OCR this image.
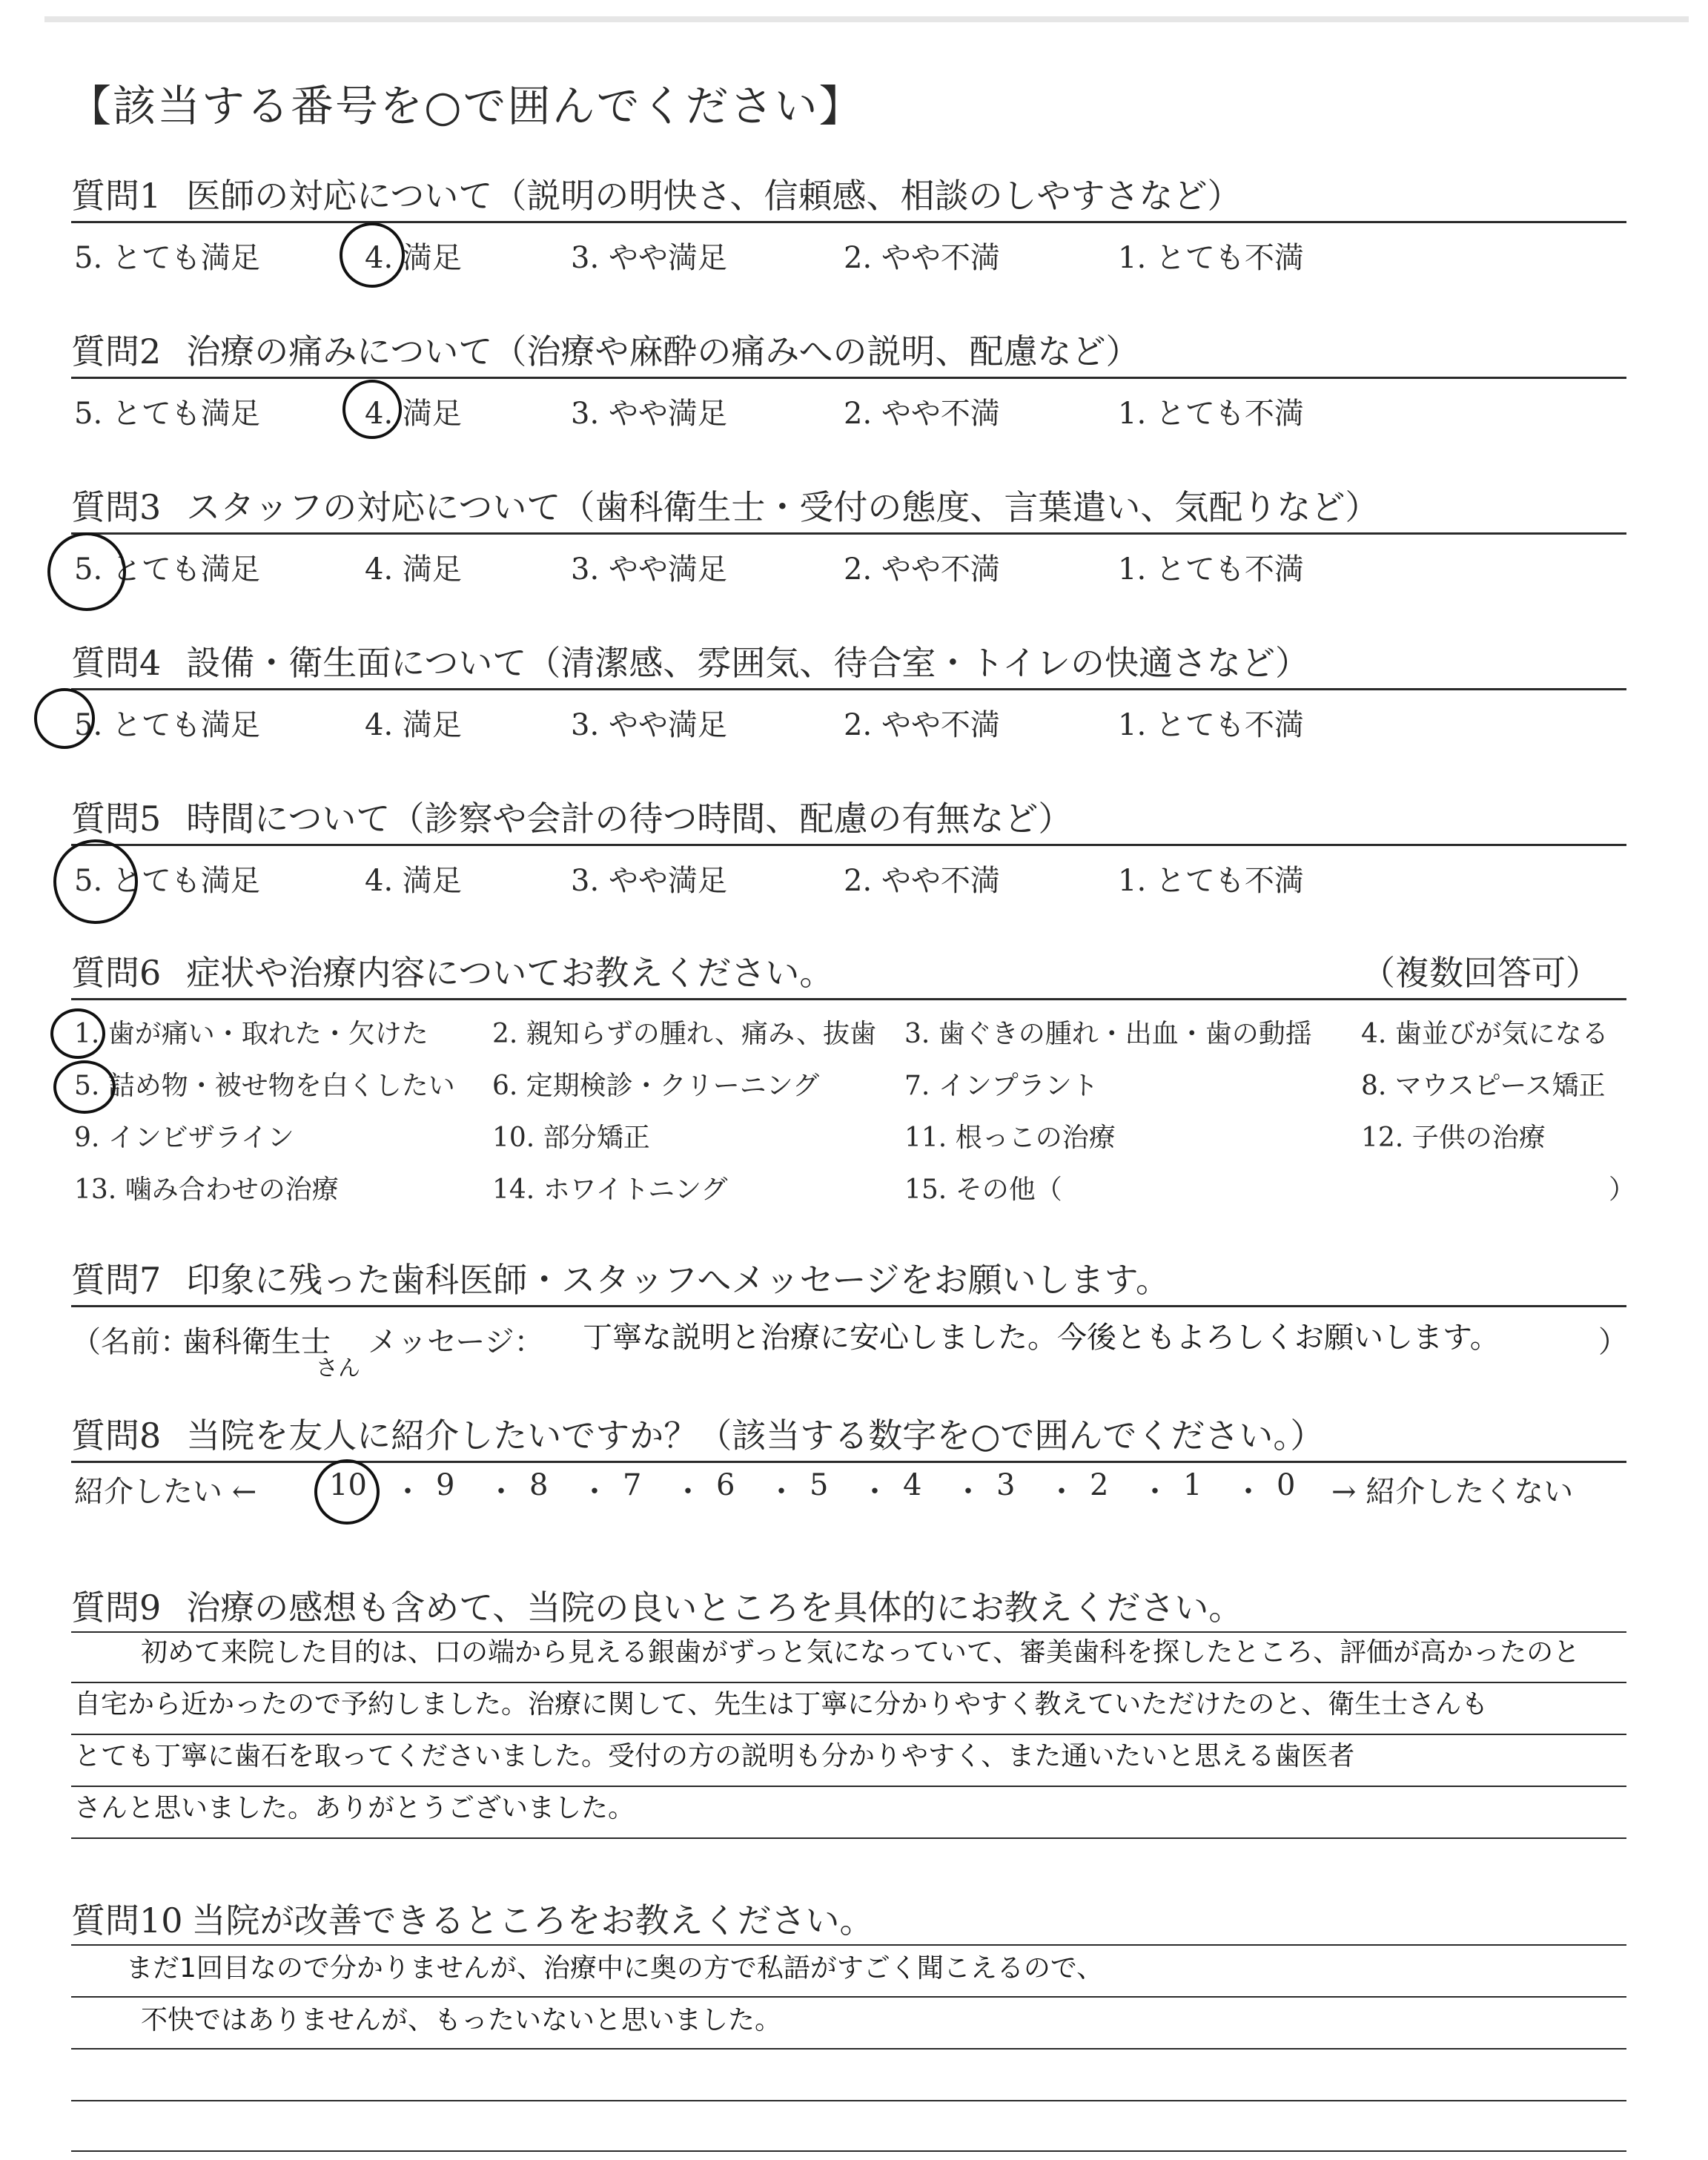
【該当する番号を○で囲んでください】
質問1 医師の対応について（説明の明快さ、信頼感、相談のしやすさなど）
5. とても満足	4. 満足	3. やや満足	2. やや不満	1. とても不満
質問2 治療の痛みについて（治療や麻酔の痛みへの説明、配慮など）
5. とても満足	4. 満足	3. やや満足	2. やや不満	1. とても不満
質問3 スタッフの対応について（歯科衛生士・受付の態度、言葉遣い、気配りなど）
5. とても満足	4. 満足	3. やや満足	2. やや不満	1. とても不満
質問4 設備・衛生面について（清潔感、雰囲気、待合室・トイレの快適さなど）
5. とても満足	4. 満足	3. やや満足	2. やや不満	1. とても不満
質問5 時間について（診察や会計の待つ時間、配慮の有無など）
5. とても満足	4. 満足	3. やや満足	2. やや不満	1. とても不満
質問6 症状や治療内容についてお教えください。	（複数回答可）
1. 歯が痛い・取れた・欠けた 2. 親知らずの腫れ、痛み、抜歯 3. 歯ぐきの腫れ・出血・歯の動揺 4. 歯並びが気になる
5. 詰め物・被せ物を白くしたい 6. 定期検診・クリーニング	7. インプラント	8. マウスピース矯正
9. インビザライン	10. 部分矯正	11. 根っこの治療	12. 子供の治療
13. 噛み合わせの治療	14. ホワイトニング	15. その他（	）
質問7 印象に残った歯科医師・スタッフへメッセージをお願いします。
（名前：
歯科衛生士
さん
メッセージ： 丁寧な説明と治療に安心しました。今後ともよろしくお願いします。	）
質問8 当院を友人に紹介したいですか？（該当する数字を○で囲んでください。）
紹介したい ← 10 ・ 9 ・ 8 ・ 7 ・ 6 ・ 5 ・ 4 ・ 3 ・ 2 ・ 1 ・ 0 → 紹介したくない
質問9 治療の感想も含めて、当院の良いところを具体的にお教えください。
初めて来院した目的は、口の端から見える銀歯がずっと気になっていて、審美歯科を探したところ、評価が高かったのと
自宅から近かったので予約しました。治療に関して、先生は丁寧に分かりやすく教えていただけたのと、衛生士さんも
とても丁寧に歯石を取ってくださいました。受付の方の説明も分かりやすく、また通いたいと思える歯医者
さんと思いました。ありがとうございました。
質問10 当院が改善できるところをお教えください。
まだ1回目なので分かりませんが、治療中に奥の方で私語がすごく聞こえるので、
不快ではありませんが、もったいないと思いました。
